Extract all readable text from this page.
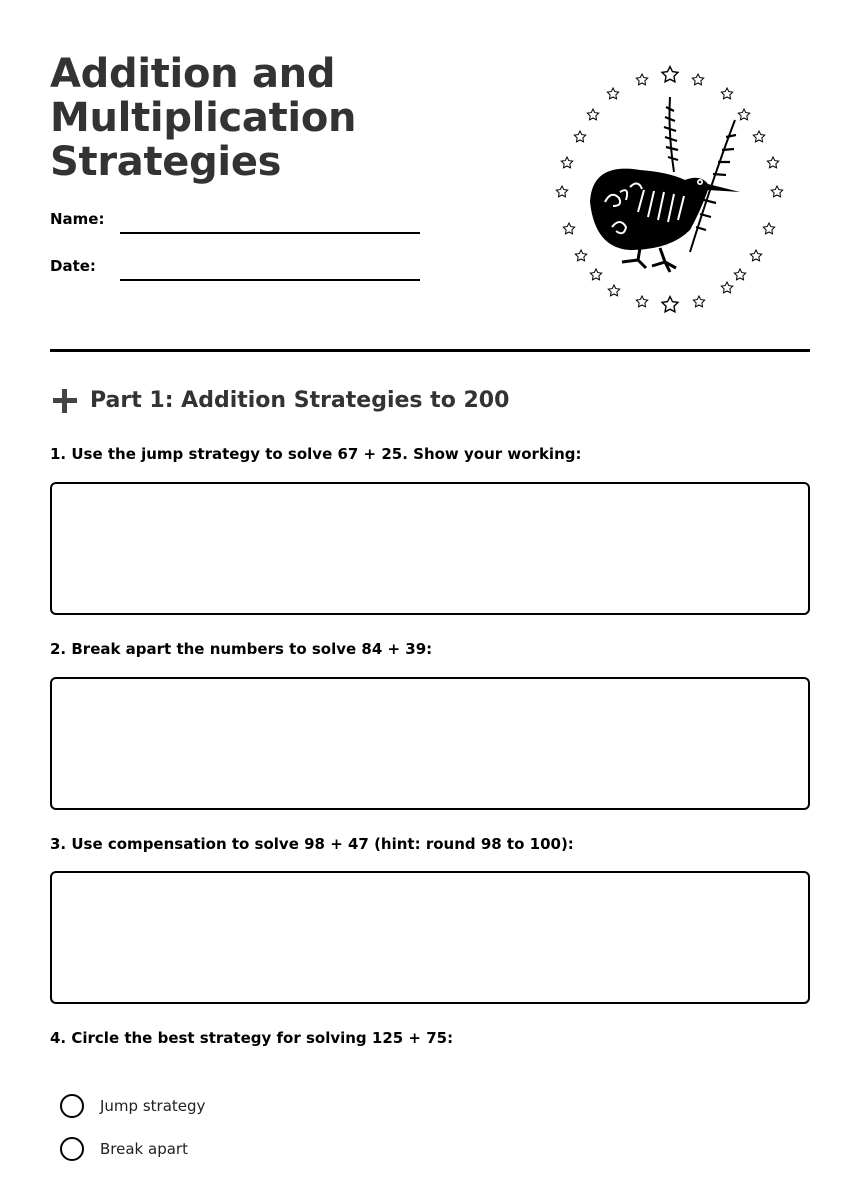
Addition and
Multiplication
Strategies
Name:
Date:
Part 1: Addition Strategies to 200

1. Use the jump strategy to solve 67 + 25. Show your working:

2. Break apart the numbers to solve 84 + 39:

3. Use compensation to solve 98 + 47 (hint: round 98 to 100):

4. Circle the best strategy for solving 125 + 75:

Jump strategy
Break apart
